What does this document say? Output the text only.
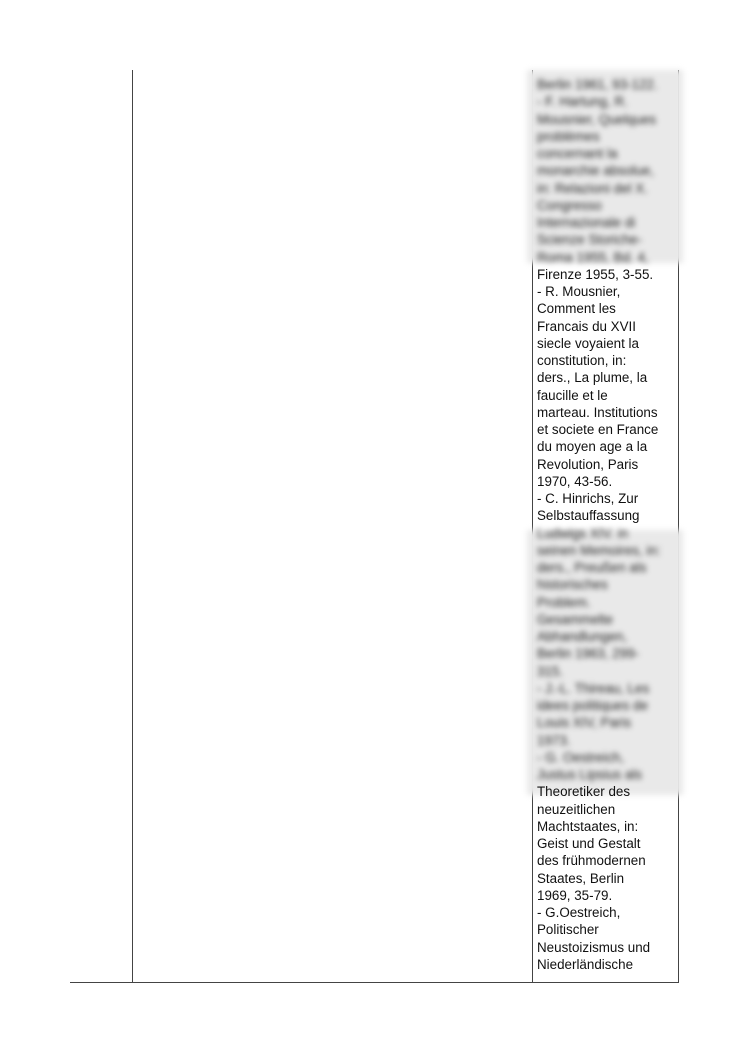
Berlin 1961, 93-122.
- F. Hartung, R.
Mousnier, Quelques
problèmes
concernant la
monarchie absolue,
in: Relazioni del X.
Congresso
Internazionale di
Scienze Storiche-
Roma 1955, Bd. 4,
Firenze 1955, 3-55.
- R. Mousnier,
Comment les
Francais du XVII
siecle voyaient la
constitution, in:
ders., La plume, la
faucille et le
marteau. Institutions
et societe en France
du moyen age a la
Revolution, Paris
1970, 43-56.
- C. Hinrichs, Zur
Selbstauffassung
Ludwigs XIV. in
seinen Memoires, in:
ders., Preußen als
historisches
Problem.
Gesammelte
Abhandlungen,
Berlin 1963, 299-
315.
- J.-L. Thireau, Les
idees politiques de
Louis XIV, Paris
1973.
- G. Oestreich,
Justus Lipsius als
Theoretiker des
neuzeitlichen
Machtstaates, in:
Geist und Gestalt
des frühmodernen
Staates, Berlin
1969, 35-79.
- G.Oestreich,
Politischer
Neustoizismus und
Niederländische
